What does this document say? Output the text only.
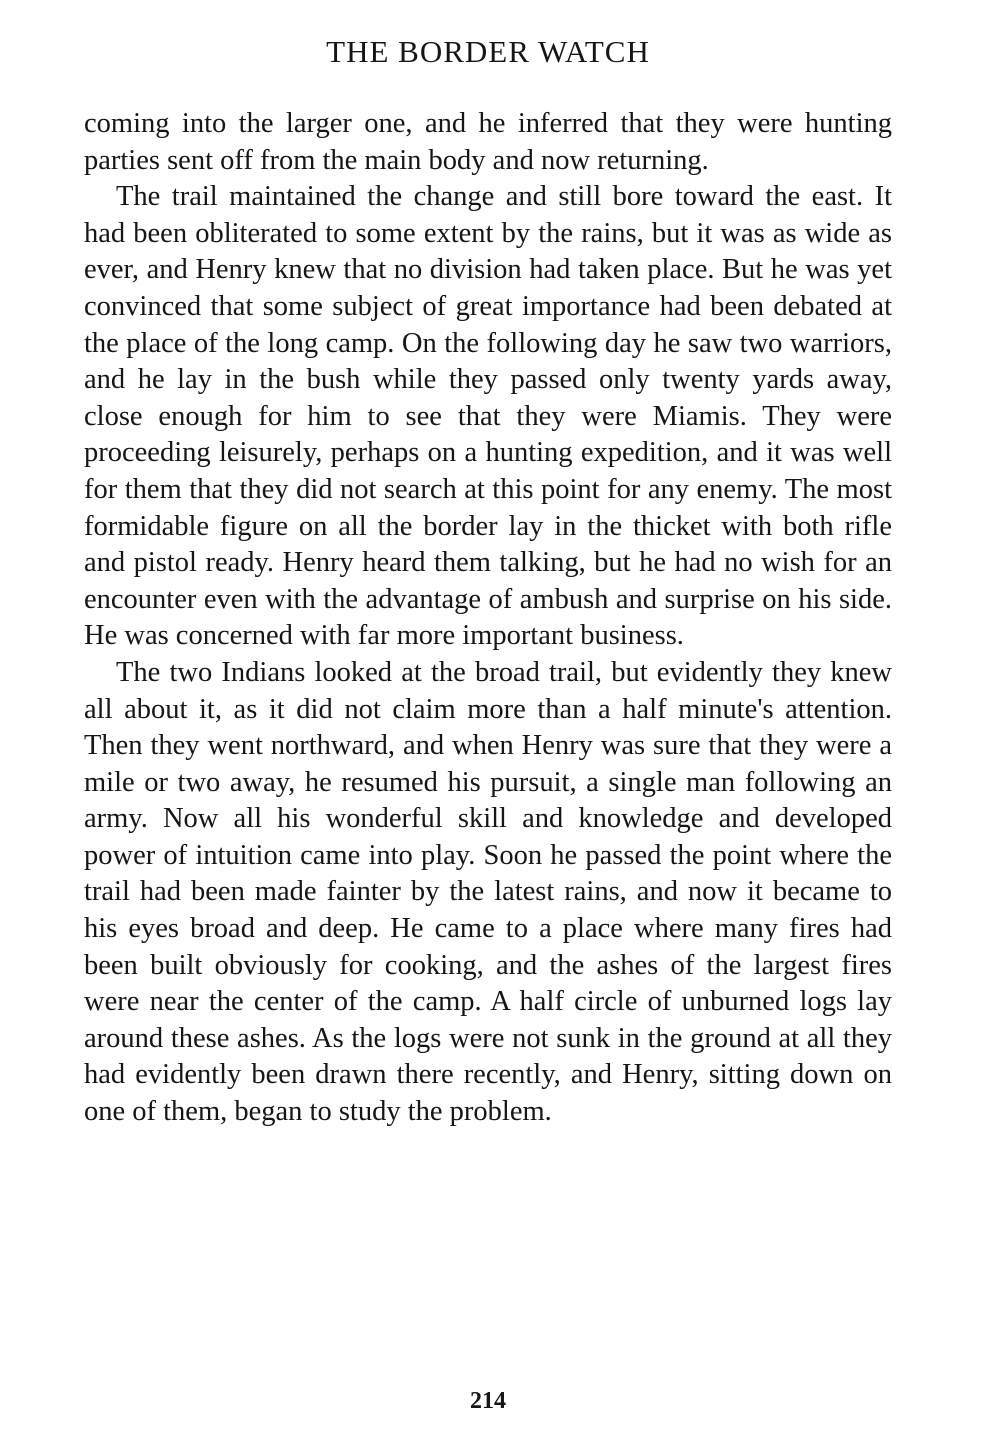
THE BORDER WATCH

coming into the larger one, and he inferred that they were hunting parties sent off from the main body and now returning.

The trail maintained the change and still bore toward the east. It had been obliterated to some extent by the rains, but it was as wide as ever, and Henry knew that no division had taken place. But he was yet convinced that some subject of great importance had been debated at the place of the long camp. On the following day he saw two warriors, and he lay in the bush while they passed only twenty yards away, close enough for him to see that they were Miamis. They were proceeding leisurely, perhaps on a hunting expedition, and it was well for them that they did not search at this point for any enemy. The most formidable figure on all the border lay in the thicket with both rifle and pistol ready. Henry heard them talking, but he had no wish for an encounter even with the advantage of ambush and surprise on his side. He was concerned with far more important business.

The two Indians looked at the broad trail, but evidently they knew all about it, as it did not claim more than a half minute's attention. Then they went northward, and when Henry was sure that they were a mile or two away, he resumed his pursuit, a single man following an army. Now all his wonderful skill and knowledge and developed power of intuition came into play. Soon he passed the point where the trail had been made fainter by the latest rains, and now it became to his eyes broad and deep. He came to a place where many fires had been built obviously for cooking, and the ashes of the largest fires were near the center of the camp. A half circle of unburned logs lay around these ashes. As the logs were not sunk in the ground at all they had evidently been drawn there recently, and Henry, sitting down on one of them, began to study the problem.

214
